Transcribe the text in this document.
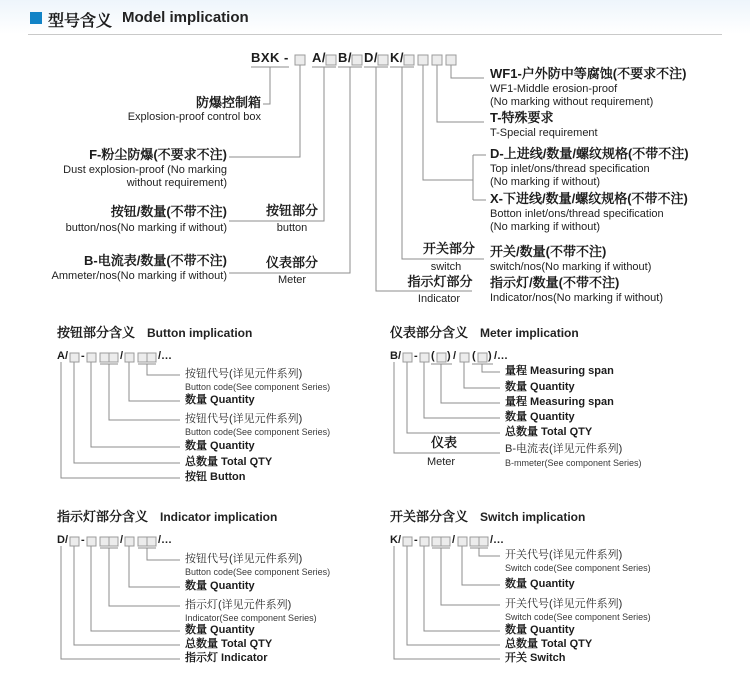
型号含义 Model implication
BXK - A/ B/ D/ K/
防爆控制箱
Explosion-proof control box
F-粉尘防爆(不要求不注)
Dust explosion-proof (No marking
without requirement)
按钮/数量(不带不注)
button/nos(No marking if without)
按钮部分
button
B-电流表/数量(不带不注)
Ammeter/nos(No marking if without)
仪表部分
Meter
WF1-户外防中等腐蚀(不要求不注)
WF1-Middle erosion-proof
(No marking without requirement)
T-特殊要求
T-Special requirement
D-上进线/数量/螺纹规格(不带不注)
Top inlet/ons/thread specification
(No marking if without)
X-下进线/数量/螺纹规格(不带不注)
Botton inlet/ons/thread specification
(No marking if without)
开关部分
switch
开关/数量(不带不注)
switch/nos(No marking if without)
指示灯部分
Indicator
指示灯/数量(不带不注)
Indicator/nos(No marking if without)
按钮部分含义 Button implication
A/ -	/	/…
按钮代号(详见元件系列)
Button code(See component Series)
数量 Quantity
按钮代号(详见元件系列)
Button code(See component Series)
数量 Quantity
总数量 Total QTY
按钮 Button
仪表部分含义 Meter implication
B/ - ( ) / ( ) /…
量程 Measuring span
数量 Quantity
量程 Measuring span
数量 Quantity
总数量 Total QTY
B-电流表(详见元件系列)
B-mmeter(See component Series)
仪表
Meter
指示灯部分含义 Indicator implication
D/ -	/	/…
按钮代号(详见元件系列)
Button code(See component Series)
数量 Quantity
指示灯(详见元件系列)
Indicator(See component Series)
数量 Quantity
总数量 Total QTY
指示灯 Indicator
开关部分含义 Switch implication
K/ -	/	/…
开关代号(详见元件系列)
Switch code(See component Series)
数量 Quantity
开关代号(详见元件系列)
Switch code(See component Series)
数量 Quantity
总数量 Total QTY
开关 Switch
